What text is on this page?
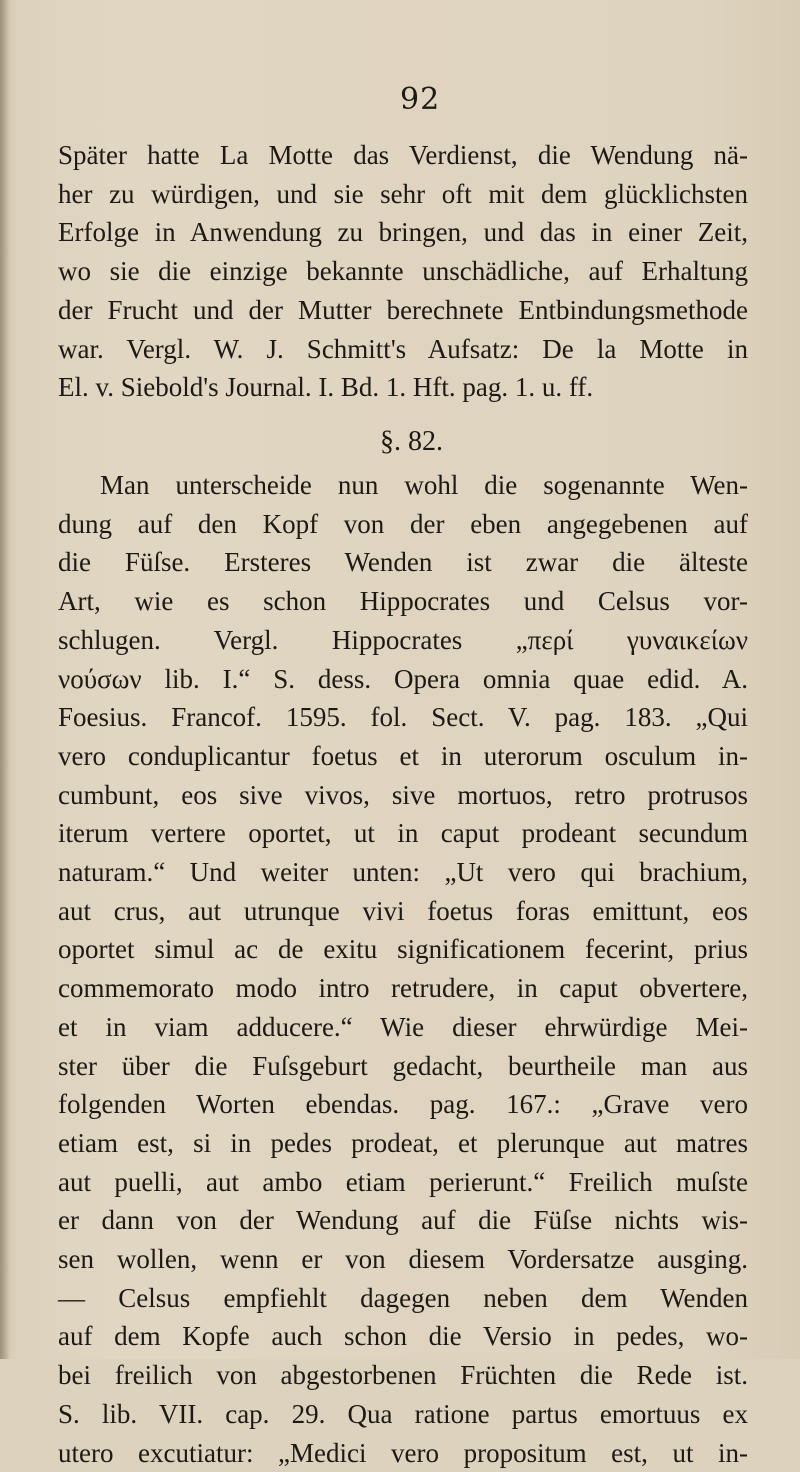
92
Später hatte La Motte das Verdienst, die Wendung nä-
her zu würdigen, und sie sehr oft mit dem glücklichsten
Erfolge in Anwendung zu bringen, und das in einer Zeit,
wo sie die einzige bekannte unschädliche, auf Erhaltung
der Frucht und der Mutter berechnete Entbindungsmethode
war. Vergl. W. J. Schmitt's Aufsatz: De la Motte in
El. v. Siebold's Journal. I. Bd. 1. Hft. pag. 1. u. ff.
§. 82.
Man unterscheide nun wohl die sogenannte Wen-
dung auf den Kopf von der eben angegebenen auf
die Füſse. Ersteres Wenden ist zwar die älteste
Art, wie es schon Hippocrates und Celsus vor-
schlugen. Vergl. Hippocrates „περί γυναικείων
νούσων lib. I.“ S. dess. Opera omnia quae edid. A.
Foesius. Francof. 1595. fol. Sect. V. pag. 183. „Qui
vero conduplicantur foetus et in uterorum osculum in-
cumbunt, eos sive vivos, sive mortuos, retro protrusos
iterum vertere oportet, ut in caput prodeant secundum
naturam.“ Und weiter unten: „Ut vero qui brachium,
aut crus, aut utrunque vivi foetus foras emittunt, eos
oportet simul ac de exitu significationem fecerint, prius
commemorato modo intro retrudere, in caput obvertere,
et in viam adducere.“ Wie dieser ehrwürdige Mei-
ster über die Fuſsgeburt gedacht, beurtheile man aus
folgenden Worten ebendas. pag. 167.: „Grave vero
etiam est, si in pedes prodeat, et plerunque aut matres
aut puelli, aut ambo etiam perierunt.“ Freilich muſste
er dann von der Wendung auf die Füſse nichts wis-
sen wollen, wenn er von diesem Vordersatze ausging.
— Celsus empfiehlt dagegen neben dem Wenden
auf dem Kopfe auch schon die Versio in pedes, wo-
bei freilich von abgestorbenen Früchten die Rede ist.
S. lib. VII. cap. 29. Qua ratione partus emortuus ex
utero excutiatur: „Medici vero propositum est, ut in-
